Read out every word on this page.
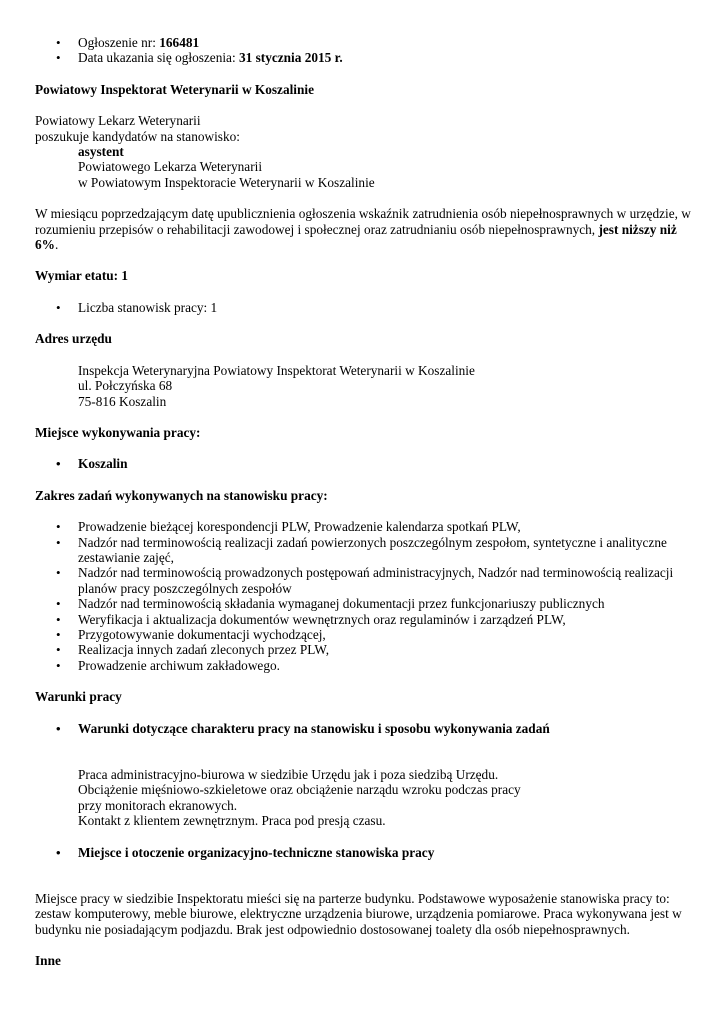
• Ogłoszenie nr: 166481
• Data ukazania się ogłoszenia: 31 stycznia 2015 r.

Powiatowy Inspektorat Weterynarii w Koszalinie

Powiatowy Lekarz Weterynarii

poszukuje kandydatów na stanowisko:

asystent

Powiatowego Lekarza Weterynarii

w Powiatowym Inspektoracie Weterynarii w Koszalinie

W miesiącu poprzedzającym datę upublicznienia ogłoszenia wskaźnik zatrudnienia osób niepełnosprawnych w urzędzie, w rozumieniu przepisów o rehabilitacji zawodowej i społecznej oraz zatrudnianiu osób niepełnosprawnych, jest niższy niż 6%.

Wymiar etatu: 1

• Liczba stanowisk pracy: 1

Adres urzędu

Inspekcja Weterynaryjna Powiatowy Inspektorat Weterynarii w Koszalinie

ul. Połczyńska 68

75-816 Koszalin

Miejsce wykonywania pracy:

• Koszalin

Zakres zadań wykonywanych na stanowisku pracy:

• Prowadzenie bieżącej korespondencji PLW, Prowadzenie kalendarza spotkań PLW,
• Nadzór nad terminowością realizacji zadań powierzonych poszczególnym zespołom, syntetyczne i analityczne zestawianie zajęć,
• Nadzór nad terminowością prowadzonych postępowań administracyjnych, Nadzór nad terminowością realizacji planów pracy poszczególnych zespołów
• Nadzór nad terminowością składania wymaganej dokumentacji przez funkcjonariuszy publicznych
• Weryfikacja i aktualizacja dokumentów wewnętrznych oraz regulaminów i zarządzeń PLW,
• Przygotowywanie dokumentacji wychodzącej,
• Realizacja innych zadań zleconych przez PLW,
• Prowadzenie archiwum zakładowego.

Warunki pracy

• Warunki dotyczące charakteru pracy na stanowisku i sposobu wykonywania zadań

Praca administracyjno-biurowa w siedzibie Urzędu jak i poza siedzibą Urzędu.

Obciążenie mięśniowo-szkieletowe oraz obciążenie narządu wzroku podczas pracy

przy monitorach ekranowych.

Kontakt z klientem zewnętrznym. Praca pod presją czasu.

• Miejsce i otoczenie organizacyjno-techniczne stanowiska pracy

Miejsce pracy w siedzibie Inspektoratu mieści się na parterze budynku. Podstawowe wyposażenie stanowiska pracy to: zestaw komputerowy, meble biurowe, elektryczne urządzenia biurowe, urządzenia pomiarowe. Praca wykonywana jest w budynku nie posiadającym podjazdu. Brak jest odpowiednio dostosowanej toalety dla osób niepełnosprawnych.

Inne
